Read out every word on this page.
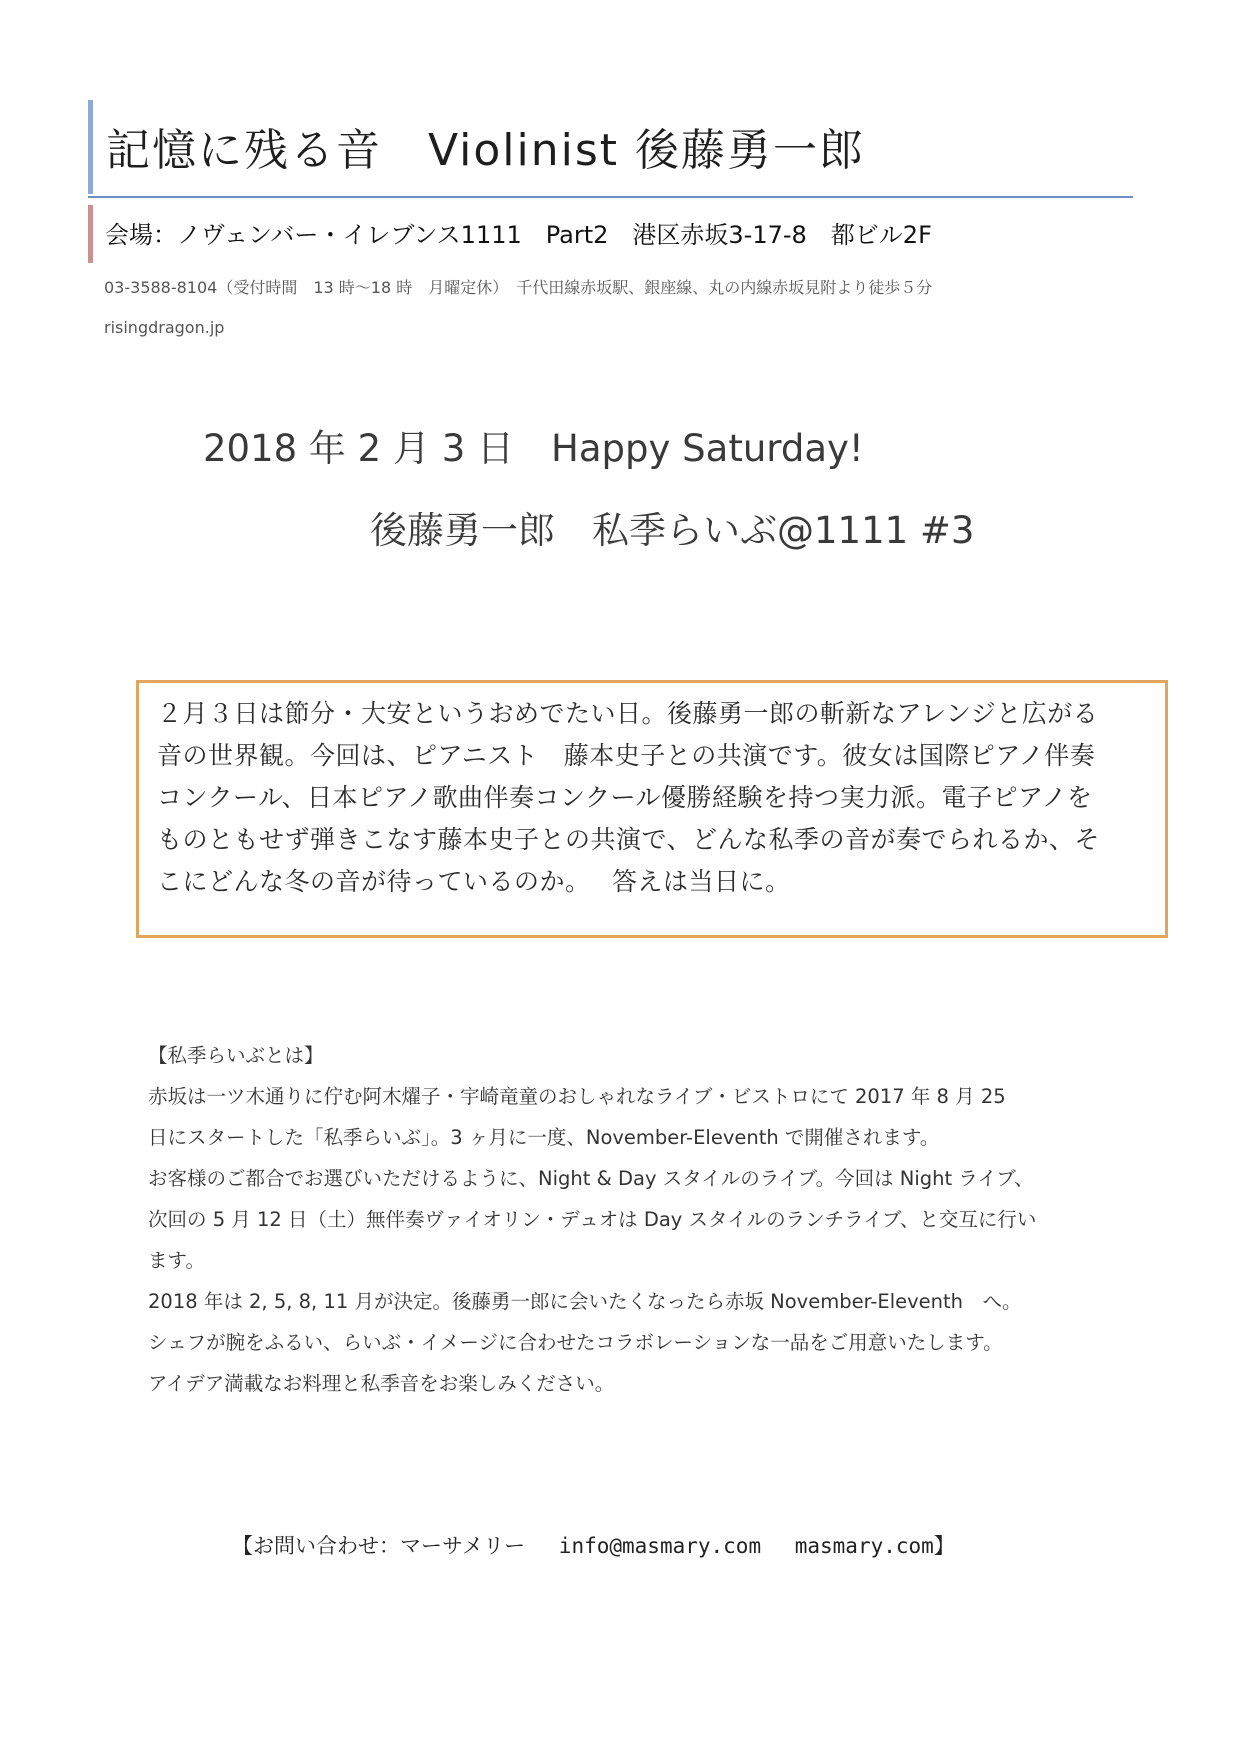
記憶に残る音　Violinist 後藤勇一郎
会場：ノヴェンバー・イレブンス1111　Part2　港区赤坂3-17-8　都ビル2F
03-3588-8104（受付時間　13 時～18 時　月曜定休）　千代田線赤坂駅、銀座線、丸の内線赤坂見附より徒歩５分
risingdragon.jp
2018 年 2 月 3 日　Happy Saturday!
後藤勇一郎　私季らいぶ@1111 #3
２月３日は節分・大安というおめでたい日。後藤勇一郎の斬新なアレンジと広がる
音の世界観。今回は、ピアニスト　藤本史子との共演です。彼女は国際ピアノ伴奏
コンクール、日本ピアノ歌曲伴奏コンクール優勝経験を持つ実力派。電子ピアノを
ものともせず弾きこなす藤本史子との共演で、どんな私季の音が奏でられるか、そ
こにどんな冬の音が待っているのか。　 答えは当日に。
【私季らいぶとは】
赤坂は一ツ木通りに佇む阿木燿子・宇崎竜童のおしゃれなライブ・ビストロにて 2017 年 8 月 25
日にスタートした「私季らいぶ」。3 ヶ月に一度、November-Eleventh で開催されます。
お客様のご都合でお選びいただけるように、Night & Day スタイルのライブ。今回は Night ライブ、
次回の 5 月 12 日（土）無伴奏ヴァイオリン・デュオは Day スタイルのランチライブ、と交互に行い
ます。
2018 年は 2, 5, 8, 11 月が決定。後藤勇一郎に会いたくなったら赤坂 November-Eleventh　へ。
シェフが腕をふるい、らいぶ・イメージに合わせたコラボレーションな一品をご用意いたします。
アイデア満載なお料理と私季音をお楽しみください。
【お問い合わせ：マーサメリー　 info@masmary.com　 masmary.com】
